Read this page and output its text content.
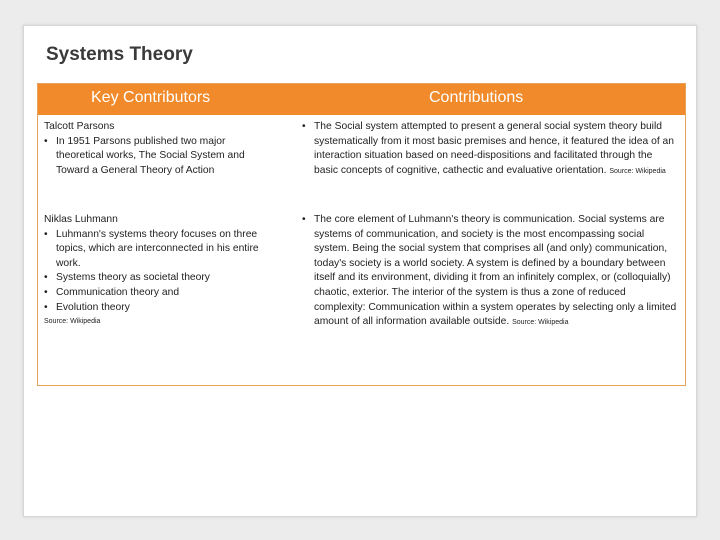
Systems Theory
Key Contributors	Contributions
Talcott Parsons
• In 1951 Parsons published two major theoretical works, The Social System and Toward a General Theory of Action
• The Social system attempted to present a general social system theory build systematically from it most basic premises and hence, it featured the idea of an interaction situation based on need-dispositions and facilitated through the basic concepts of cognitive, cathectic and evaluative orientation. Source: Wikipedia
Niklas Luhmann
• Luhmann's systems theory focuses on three topics, which are interconnected in his entire work.
• Systems theory as societal theory
• Communication theory and
• Evolution theory
Source: Wikipedia
• The core element of Luhmann's theory is communication. Social systems are systems of communication, and society is the most encompassing social system. Being the social system that comprises all (and only) communication, today's society is a world society. A system is defined by a boundary between itself and its environment, dividing it from an infinitely complex, or (colloquially) chaotic, exterior. The interior of the system is thus a zone of reduced complexity: Communication within a system operates by selecting only a limited amount of all information available outside. Source: Wikipedia
